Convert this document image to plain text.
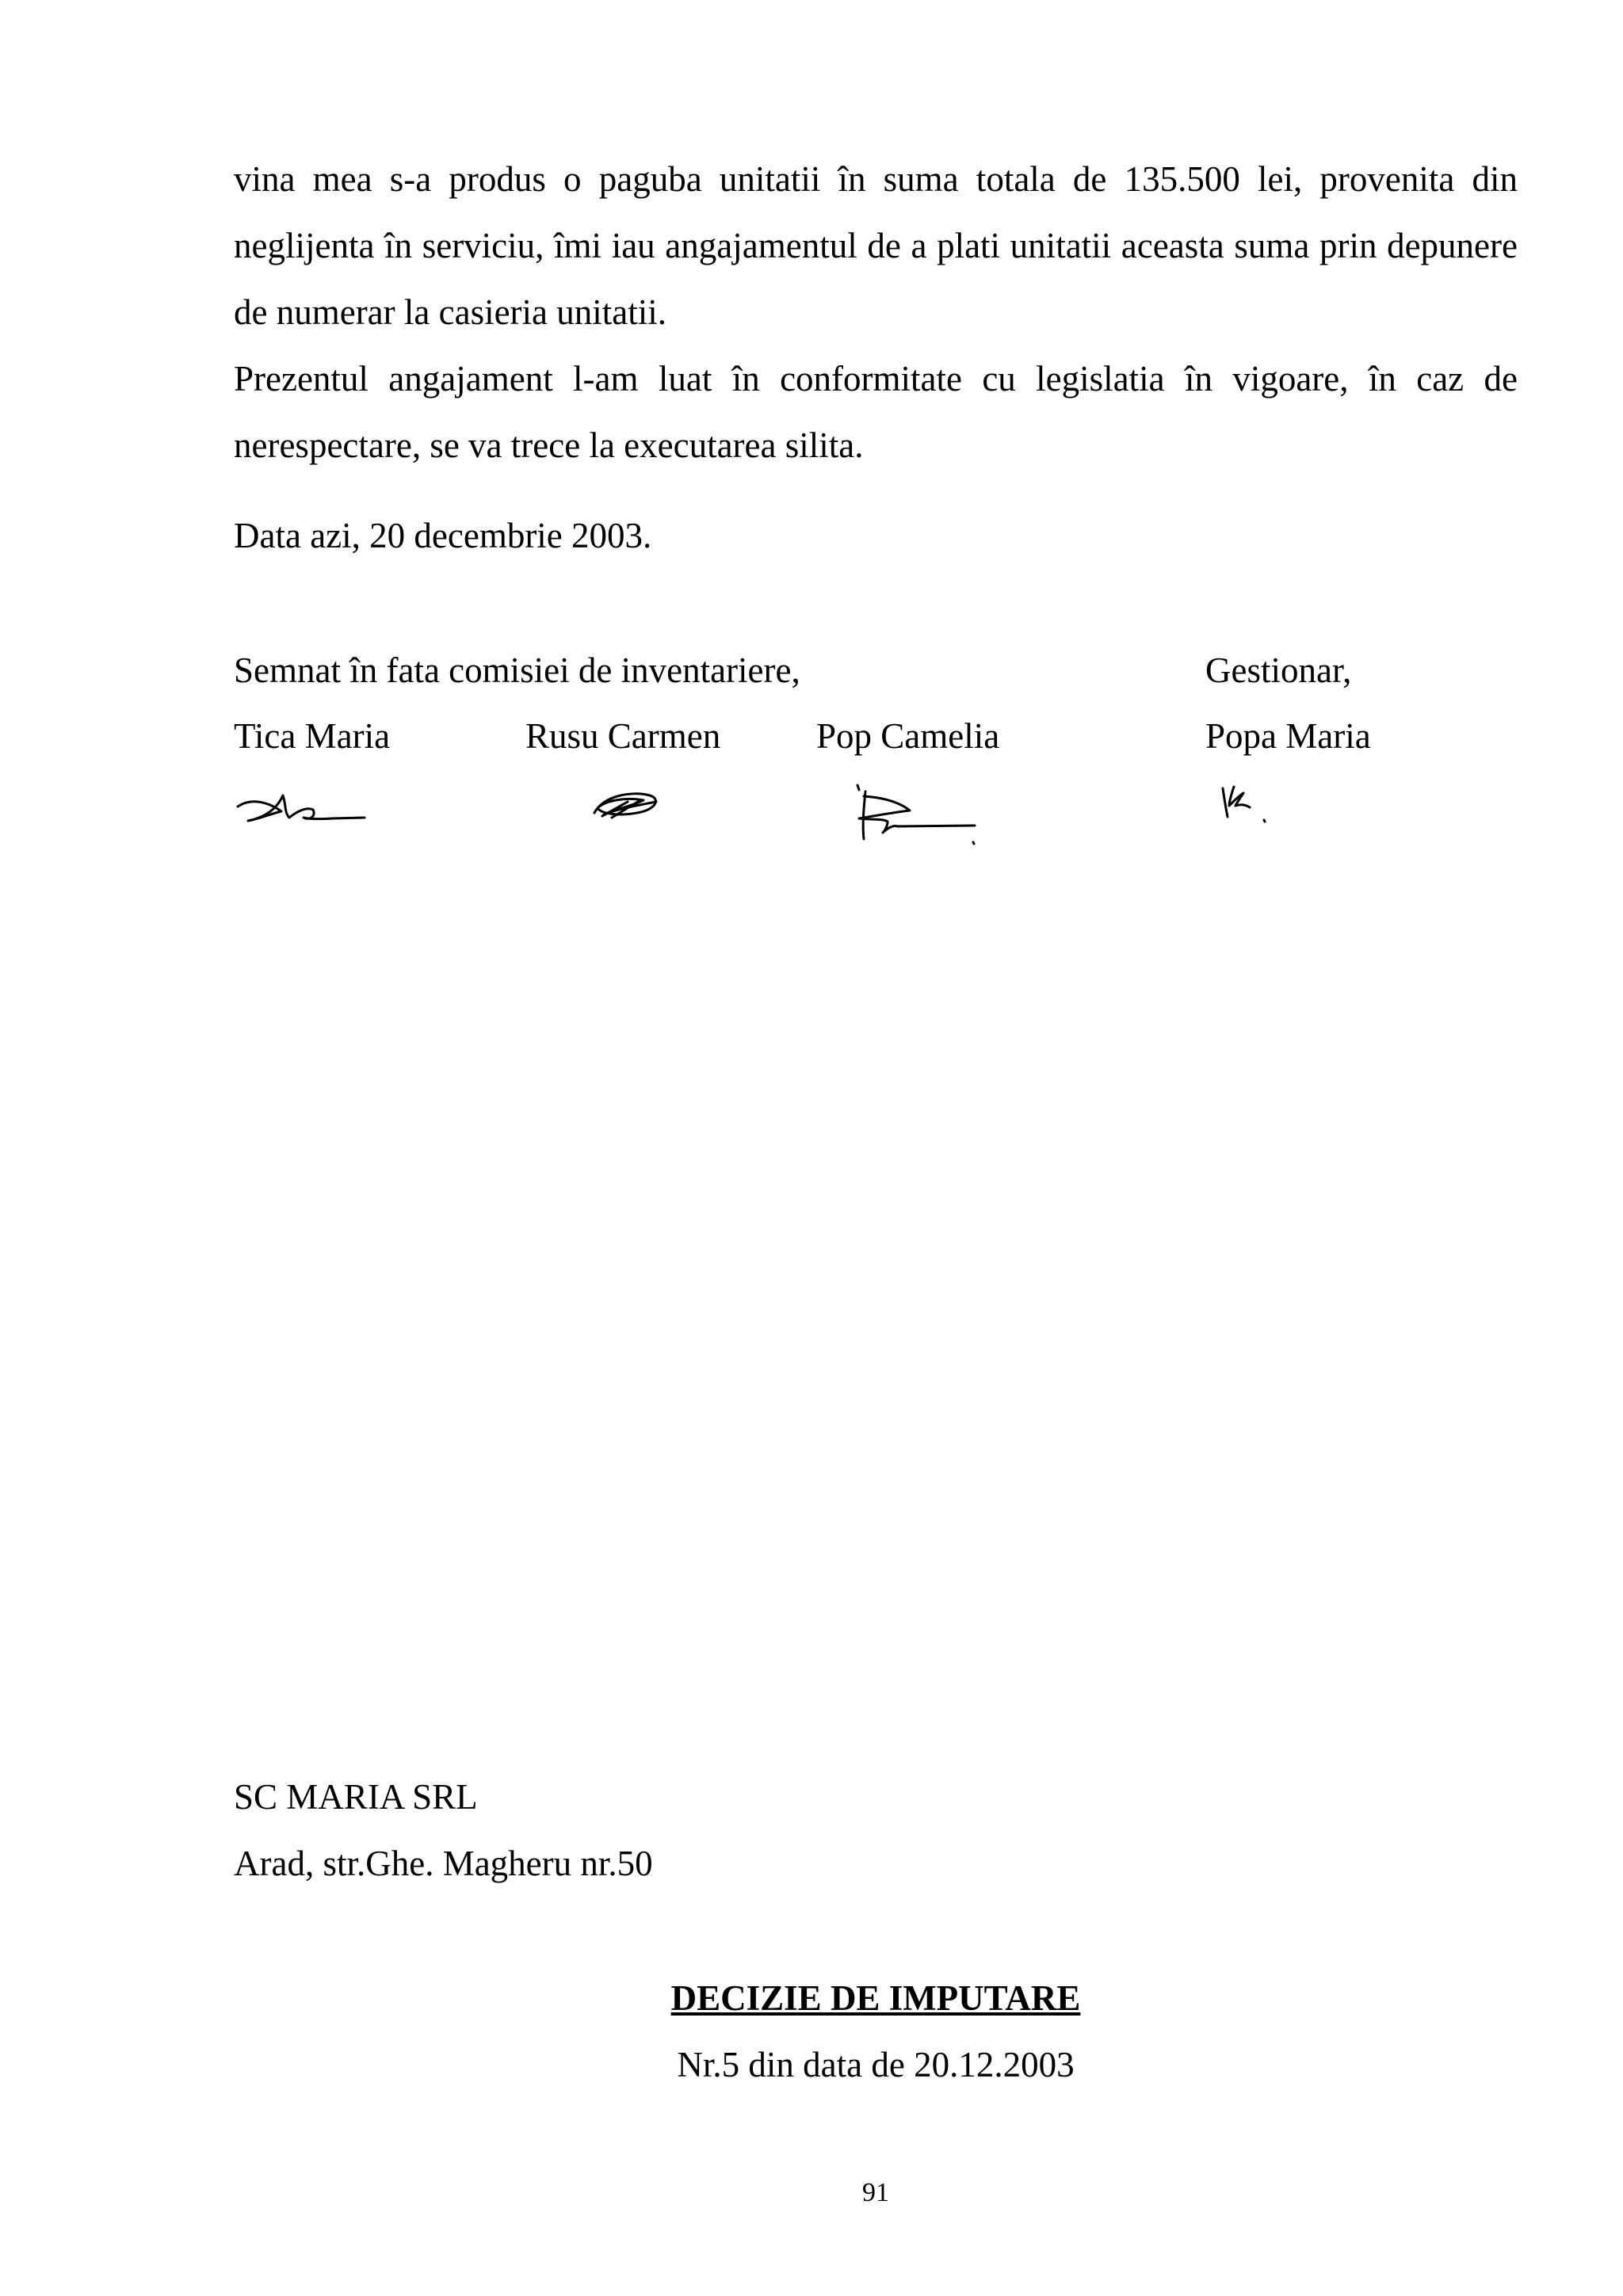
vina mea s-a produs o paguba unitatii în suma totala de 135.500 lei, provenita din neglijenta în serviciu, îmi iau angajamentul de a plati unitatii aceasta suma prin depunere de numerar la casieria unitatii.

Prezentul angajament l-am luat în conformitate cu legislatia în vigoare, în caz de nerespectare, se va trece la executarea silita.

Data azi, 20 decembrie 2003.
Semnat în fata comisiei de inventariere,	Gestionar,
Tica Maria	Rusu Carmen	Pop Camelia	Popa Maria
SC MARIA SRL
Arad, str.Ghe. Magheru nr.50
DECIZIE DE IMPUTARE
Nr.5 din data de 20.12.2003
91
